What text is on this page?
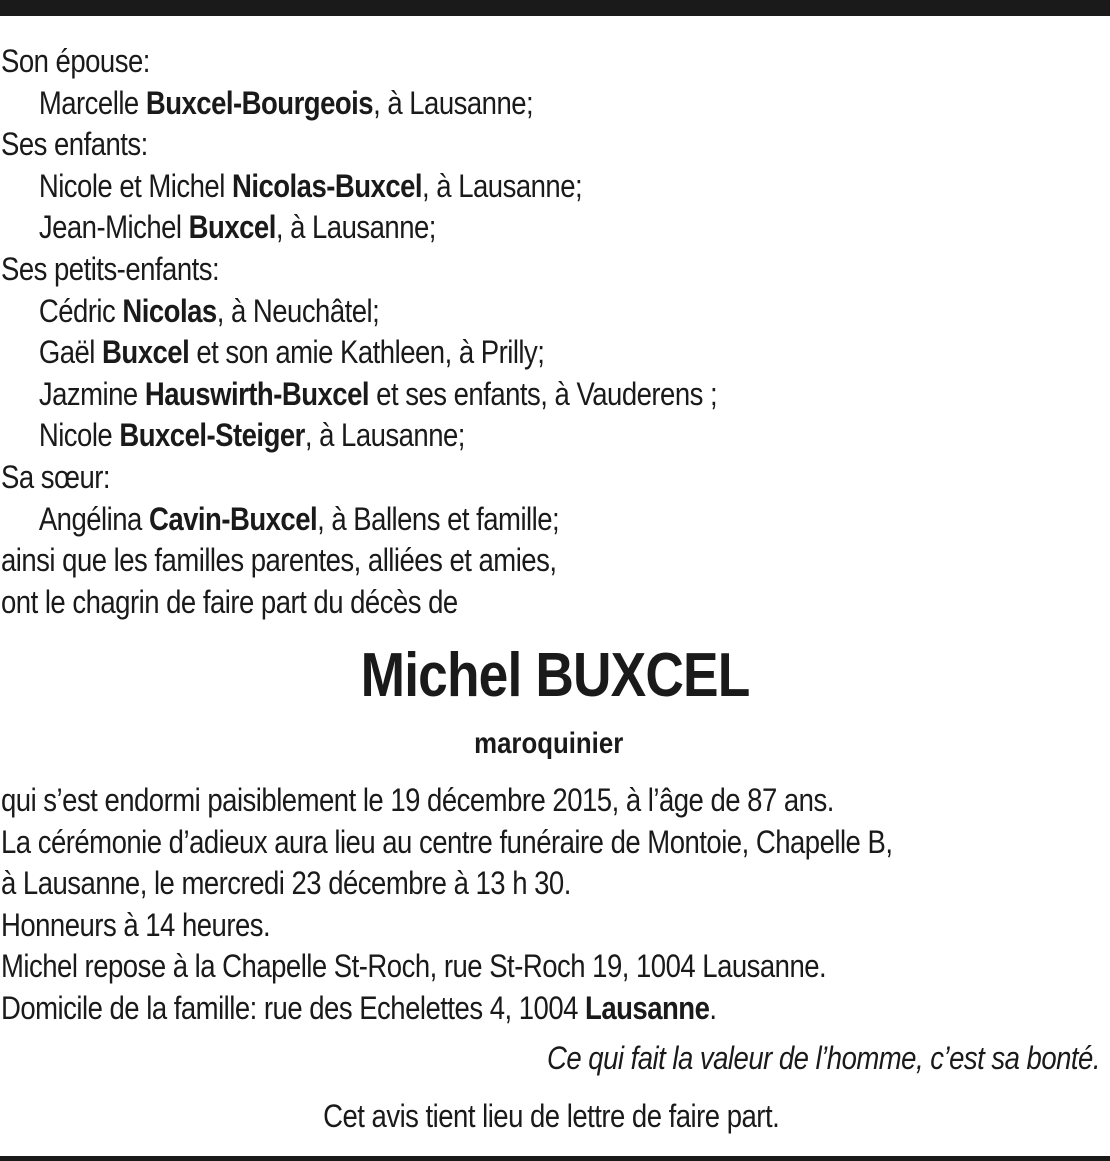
Son épouse:
Marcelle Buxcel-Bourgeois, à Lausanne;
Ses enfants:
Nicole et Michel Nicolas-Buxcel, à Lausanne;
Jean-Michel Buxcel, à Lausanne;
Ses petits-enfants:
Cédric Nicolas, à Neuchâtel;
Gaël Buxcel et son amie Kathleen, à Prilly;
Jazmine Hauswirth-Buxcel et ses enfants, à Vauderens ;
Nicole Buxcel-Steiger, à Lausanne;
Sa sœur:
Angélina Cavin-Buxcel, à Ballens et famille;
ainsi que les familles parentes, alliées et amies,
ont le chagrin de faire part du décès de
Michel BUXCEL
maroquinier
qui s’est endormi paisiblement le 19 décembre 2015, à l’âge de 87 ans.
La cérémonie d’adieux aura lieu au centre funéraire de Montoie, Chapelle B,
à Lausanne, le mercredi 23 décembre à 13 h 30.
Honneurs à 14 heures.
Michel repose à la Chapelle St-Roch, rue St-Roch 19, 1004 Lausanne.
Domicile de la famille: rue des Echelettes 4, 1004 Lausanne.
Ce qui fait la valeur de l’homme, c’est sa bonté.
Cet avis tient lieu de lettre de faire part.
